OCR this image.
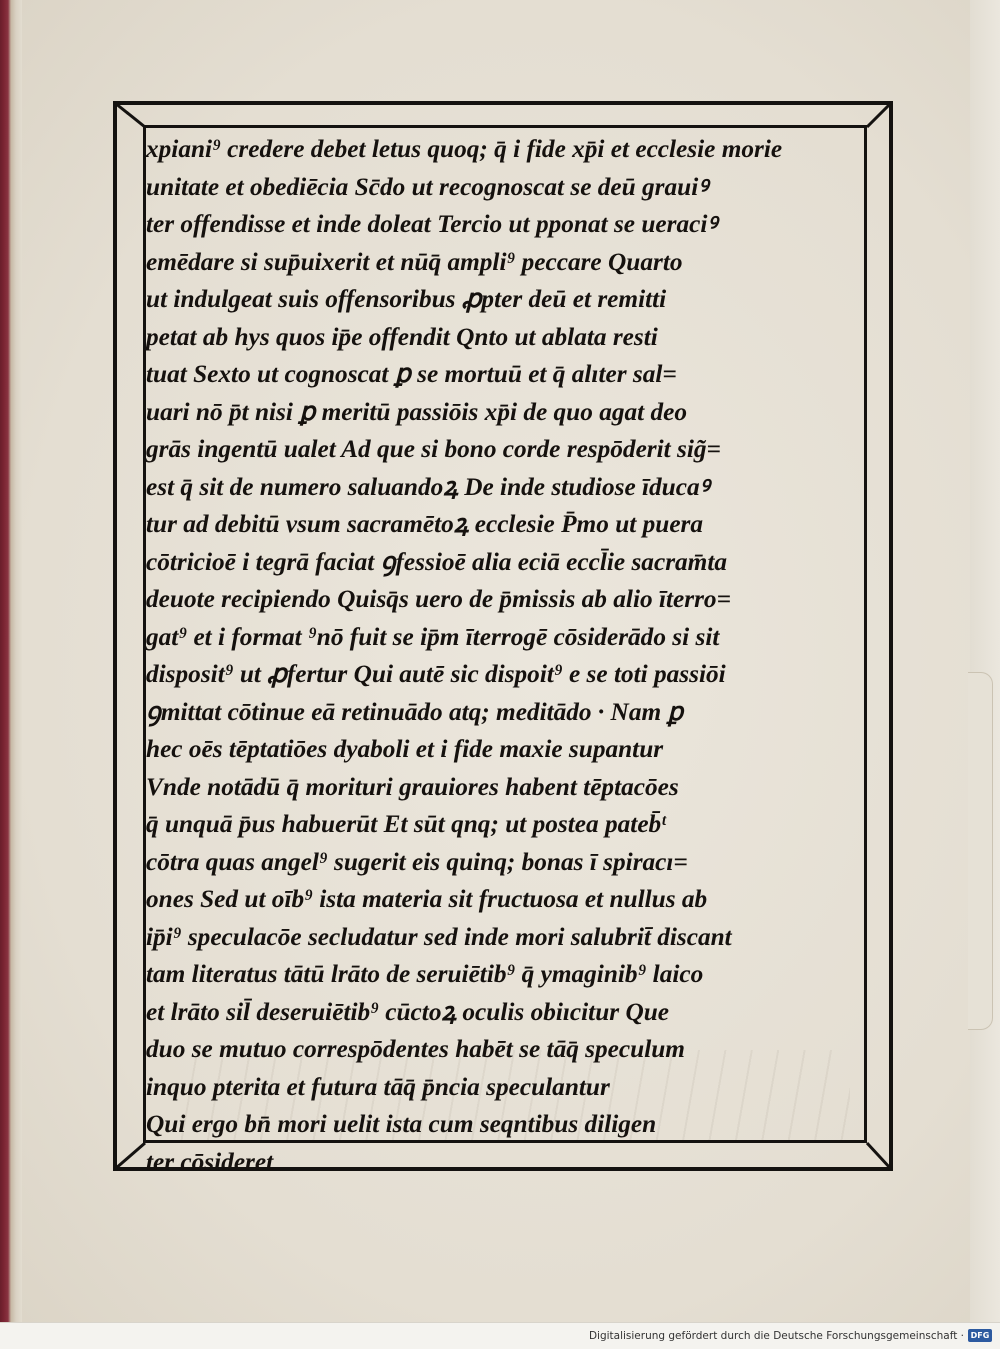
xpiani⁹ credere debet letus quoq; q̄ i fide xp̄i et ecclesie morie
unitate et obediēcia Sc̄do ut recognoscat se deū grauiꝰ
ter offendisse et inde doleat Tercio ut pponat se ueraciꝰ
emēdare si sup̄uixerit et nūq̄ ampli⁹ peccare Quarto
ut indulgeat suis offensoribus ꝓpter deū et remitti
petat ab hys quos ip̄e offendit Qnto ut ablata resti
tuat Sexto ut cognoscat ꝑ se mortuū et q̄ alıter sal=
uari nō p̄t nisi ꝑ meritū passiōis xp̄i de quo agat deo
grās ingentū ualet Ad que si bono corde respōderit sig̃=
est q̄ sit de numero saluandoꝝ De inde studiose īducaꝰ
tur ad debitū vsum sacramētoꝝ ecclesie P̄mo ut puera
cōtricioē i tegrā faciat ꝯfessioē alia eciā eccl̄ie sacram̄ta
deuote recipiendo Quisq̄s uero de p̄missis ab alio īterro=
gat⁹ et i format ⁹nō fuit se ip̄m īterrogē cōsiderādo si sit
disposit⁹ ut ꝓfertur Qui autē sic dispoit⁹ e se toti passiōi
ꝯmittat cōtinue eā retinuādo atq; meditādo · Nam ꝑ
hec oēs tēptatiōes dyaboli et i fide maxie supantur
Vnde notādū q̄ morituri grauiores habent tēptacōes
q̄ unquā p̄us habuerūt Et sūt qnq; ut postea pateb̄ᵗ
cōtra quas angel⁹ sugerit eis quinq; bonas ī spiracı=
ones Sed ut oīb⁹ ista materia sit fructuosa et nullus ab
ip̄i⁹ speculacōe secludatur sed inde mori salubrit̄ discant
tam literatus tātū lrāto de seruiētib⁹ q̄ ymaginib⁹ laico
et lrāto sil̄ deseruiētib⁹ cūctoꝝ oculis obiıcitur Que
duo se mutuo correspōdentes habēt se tāq̄ speculum
inquo pterita et futura tāq̄ p̄ncia speculantur
Qui ergo bn̄ mori uelit ista cum seqntibus diligen
ter cōsideret
Digitalisierung gefördert durch die Deutsche Forschungsgemeinschaft · DFG
